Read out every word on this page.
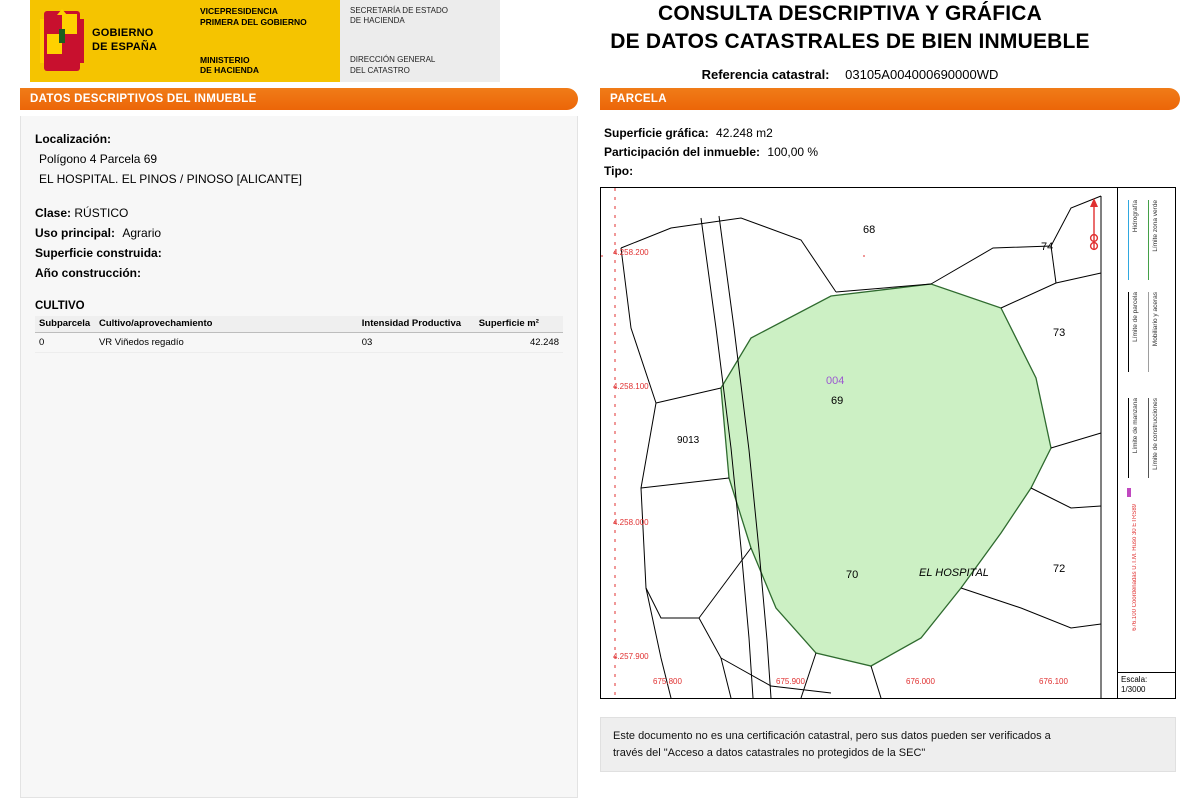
GOBIERNO
DE ESPAÑA
VICEPRESIDENCIA
PRIMERA DEL GOBIERNO
MINISTERIO
DE HACIENDA
SECRETARÍA DE ESTADO
DE HACIENDA
DIRECCIÓN GENERAL
DEL CATASTRO
CONSULTA DESCRIPTIVA Y GRÁFICA
DE DATOS CATASTRALES DE BIEN INMUEBLE
Referencia catastral: 03105A004000690000WD
DATOS DESCRIPTIVOS DEL INMUEBLE	PARCELA
Localización:
Polígono 4 Parcela 69
EL HOSPITAL. EL PINOS / PINOSO [ALICANTE]
Clase: RÚSTICO
Uso principal: Agrario
Superficie construida:
Año construcción:
CULTIVO
Subparcela	Cultivo/aprovechamiento	Intensidad Productiva	Superficie m²
0	VR Viñedos regadío	03	42.248
Superficie gráfica: 42.248 m2
Participación del inmueble: 100,00 %
Tipo:
68
74
73
9013
70	72
EL HOSPITAL
004
69
4.258.200
4.258.100
4.258.000
4.257.900
675.800	675.900	676.000	676.100
Hidrografía Límite zona verde
Límite de parcela Mobiliario y aceras
Límite de manzana Límite de construcciones
676.100 Coordenadas U.T.M. Huso 30 ETRS89
Escala:
1/3000
Este documento no es una certificación catastral, pero sus datos pueden ser verificados a
través del "Acceso a datos catastrales no protegidos de la SEC"
